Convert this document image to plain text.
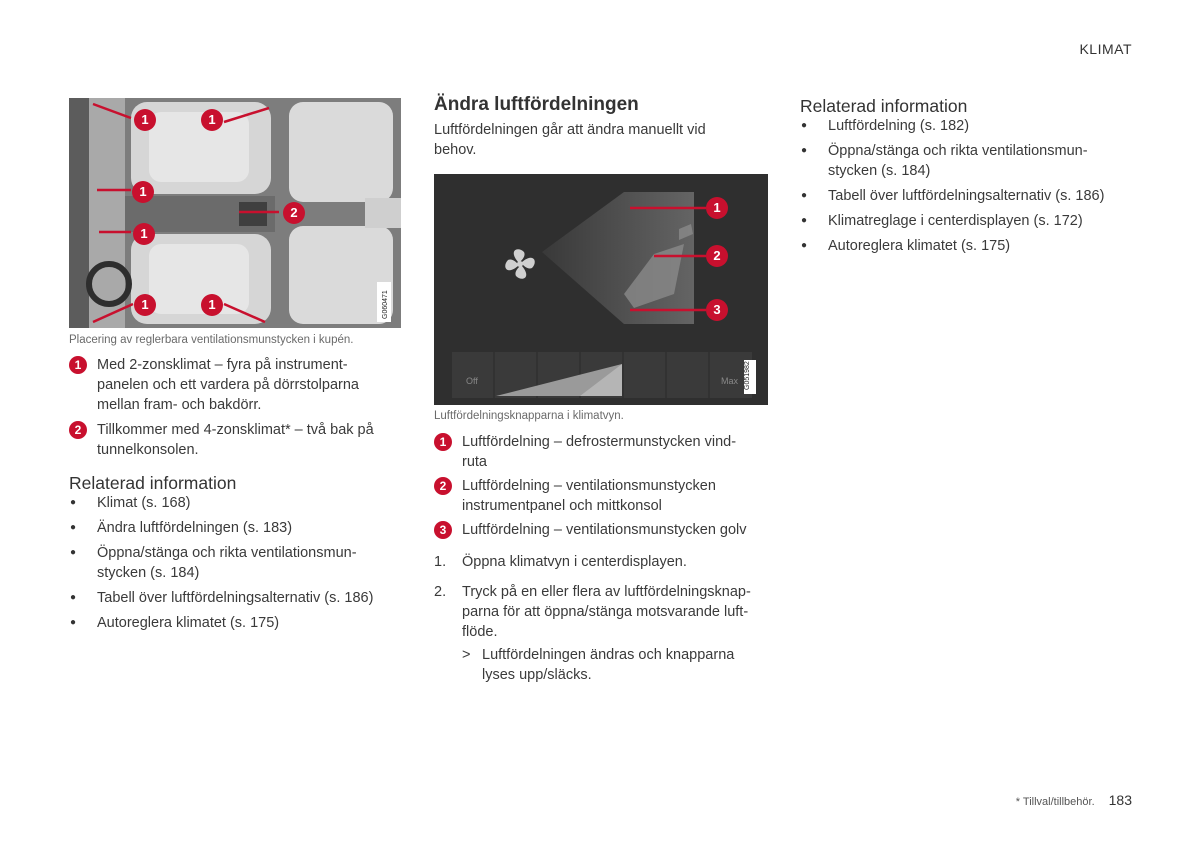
KLIMAT
G060471
1	1
1
1
2
1	1
Placering av reglerbara ventilationsmunstycken i kupén.
1	Med 2-zonsklimat – fyra på instrument-
panelen och ett vardera på dörrstolparna
mellan fram- och bakdörr.
2	Tillkommer med 4-zonsklimat* – två bak på
tunnelkonsolen.
Relaterad information
● Klimat (s. 168)
● Ändra luftfördelningen (s. 183)
● Öppna/stänga och rikta ventilationsmun-
stycken (s. 184)
● Tabell över luftfördelningsalternativ (s. 186)
● Autoreglera klimatet (s. 175)
Ändra luftfördelningen
Luftfördelningen går att ändra manuellt vid
behov.
1
2
3
Off	Max G051982
Luftfördelningsknapparna i klimatvyn.
1	Luftfördelning – defrostermunstycken vind-
ruta
2	Luftfördelning – ventilationsmunstycken
instrumentpanel och mittkonsol
3	Luftfördelning – ventilationsmunstycken golv
1. Öppna klimatvyn i centerdisplayen.
2. Tryck på en eller flera av luftfördelningsknap-
parna för att öppna/stänga motsvarande luft-
flöde.
> Luftfördelningen ändras och knapparna
lyses upp/släcks.
Relaterad information
● Luftfördelning (s. 182)
● Öppna/stänga och rikta ventilationsmun-
stycken (s. 184)
● Tabell över luftfördelningsalternativ (s. 186)
● Klimatreglage i centerdisplayen (s. 172)
● Autoreglera klimatet (s. 175)
* Tillval/tillbehör. 183
